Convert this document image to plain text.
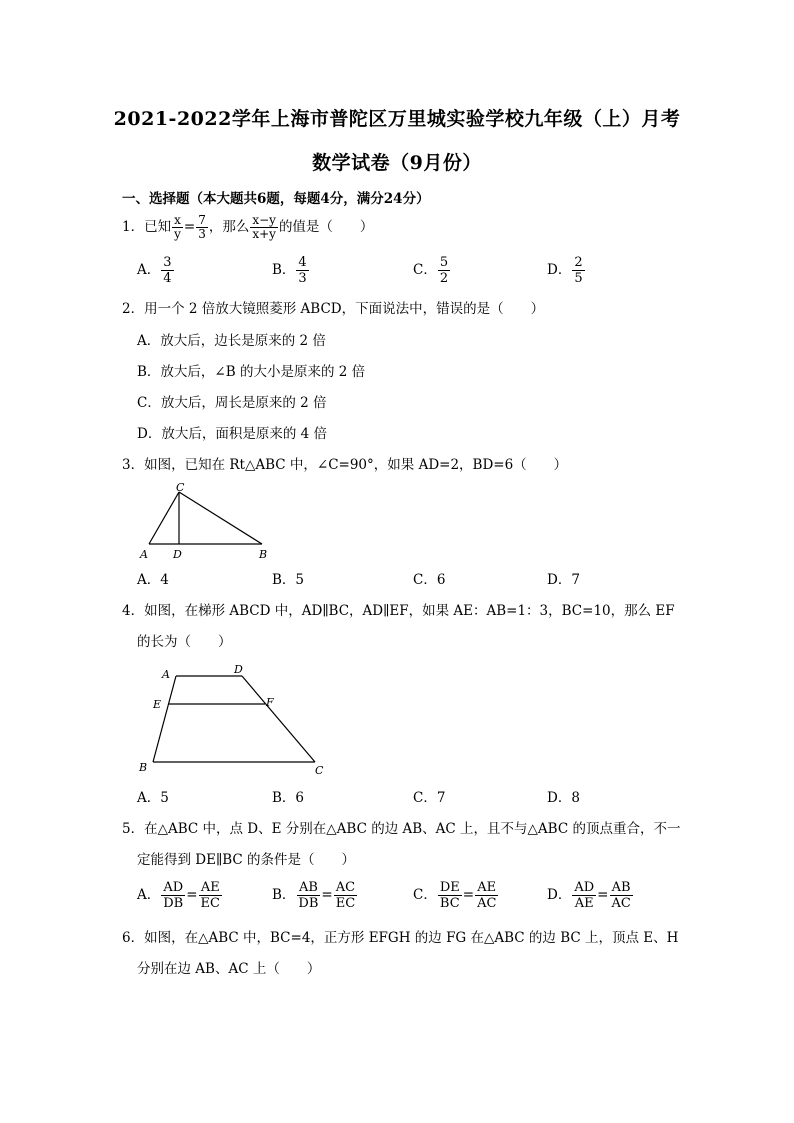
2021-2022学年上海市普陀区万里城实验学校九年级（上）月考
数学试卷（9月份）
一、选择题（本大题共6题，每题4分，满分24分）
1．已知 $\frac{x}{y} = \frac{7}{3}$ ，那么 $\frac{x-y}{x+y}$ 的值是（　　）
A． $\frac{3}{4}$	B． $\frac{4}{3}$	C． $\frac{5}{2}$	D． $\frac{2}{5}$
2．用一个 2 倍放大镜照菱形 ABCD，下面说法中，错误的是（　　）
A．放大后，边长是原来的 2 倍
B．放大后，∠B 的大小是原来的 2 倍
C．放大后，周长是原来的 2 倍
D．放大后，面积是原来的 4 倍
3．如图，已知在 Rt△ABC 中，∠C=90°，如果 AD=2，BD=6（　　）
C
A D	B
A．4	B．5	C．6	D．7
4．如图，在梯形 ABCD 中，AD∥BC，AD∥EF，如果 AE：AB=1：3，BC=10，那么 EF
的长为（　　）
A	D
E	F
B	C
A．5	B．6	C．7	D．8
5．在△ABC 中，点 D、E 分别在△ABC 的边 AB、AC 上，且不与△ABC 的顶点重合，不一
定能得到 DE∥BC 的条件是（　　）
A． $\frac{AD}{DB} = \frac{AE}{EC}$	B． $\frac{AB}{DB} = \frac{AC}{EC}$	C． $\frac{DE}{BC} = \frac{AE}{AC}$	D． $\frac{AD}{AE} = \frac{AB}{AC}$
6．如图，在△ABC 中，BC=4，正方形 EFGH 的边 FG 在△ABC 的边 BC 上，顶点 E、H
分别在边 AB、AC 上（　　）
